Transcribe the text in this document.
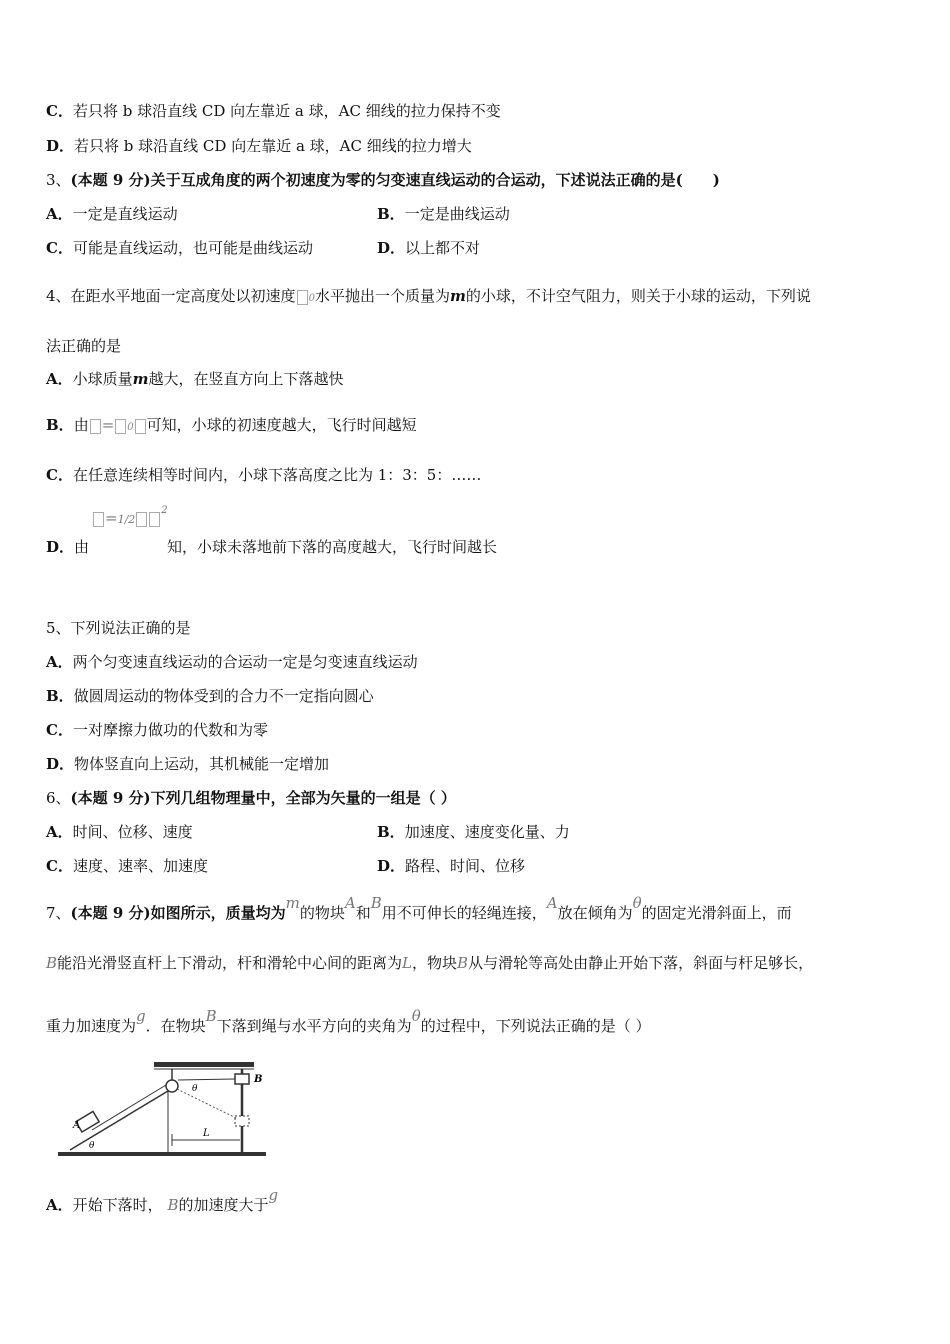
C．若只将 b 球沿直线 CD 向左靠近 a 球，AC 细线的拉力保持不变
D．若只将 b 球沿直线 CD 向左靠近 a 球，AC 细线的拉力增大
3、(本题 9 分)关于互成角度的两个初速度为零的匀变速直线运动的合运动，下述说法正确的是(　　)
A．一定是直线运动	B．一定是曲线运动
C．可能是直线运动，也可能是曲线运动	D．以上都不对
4、在距水平地面一定高度处以初速度 0水平抛出一个质量为m的小球，不计空气阻力，则关于小球的运动，下列说
法正确的是
A．小球质量m越大，在竖直方向上下落越快
B．由 = 0 可知，小球的初速度越大，飞行时间越短
C．在任意连续相等时间内，小球下落高度之比为 1：3：5：……
$=1/2^2$
D．由	知，小球未落地前下落的高度越大，飞行时间越长
5、下列说法正确的是
A．两个匀变速直线运动的合运动一定是匀变速直线运动
B．做圆周运动的物体受到的合力不一定指向圆心
C．一对摩擦力做功的代数和为零
D．物体竖直向上运动，其机械能一定增加
6、(本题 9 分)下列几组物理量中，全部为矢量的一组是（ ）
A．时间、位移、速度	B．加速度、速度变化量、力
C．速度、速率、加速度	D．路程、时间、位移
7、(本题 9 分)如图所示，质量均为m的物块A和B用不可伸长的轻绳连接，A放在倾角为θ的固定光滑斜面上，而
B能沿光滑竖直杆上下滑动，杆和滑轮中心间的距离为L，物块B从与滑轮等高处由静止开始下落，斜面与杆足够长，
重力加速度为g．在物块B下落到绳与水平方向的夹角为θ的过程中，下列说法正确的是（ ）
A
θ
θ
B
L
A．开始下落时， B的加速度大于g
